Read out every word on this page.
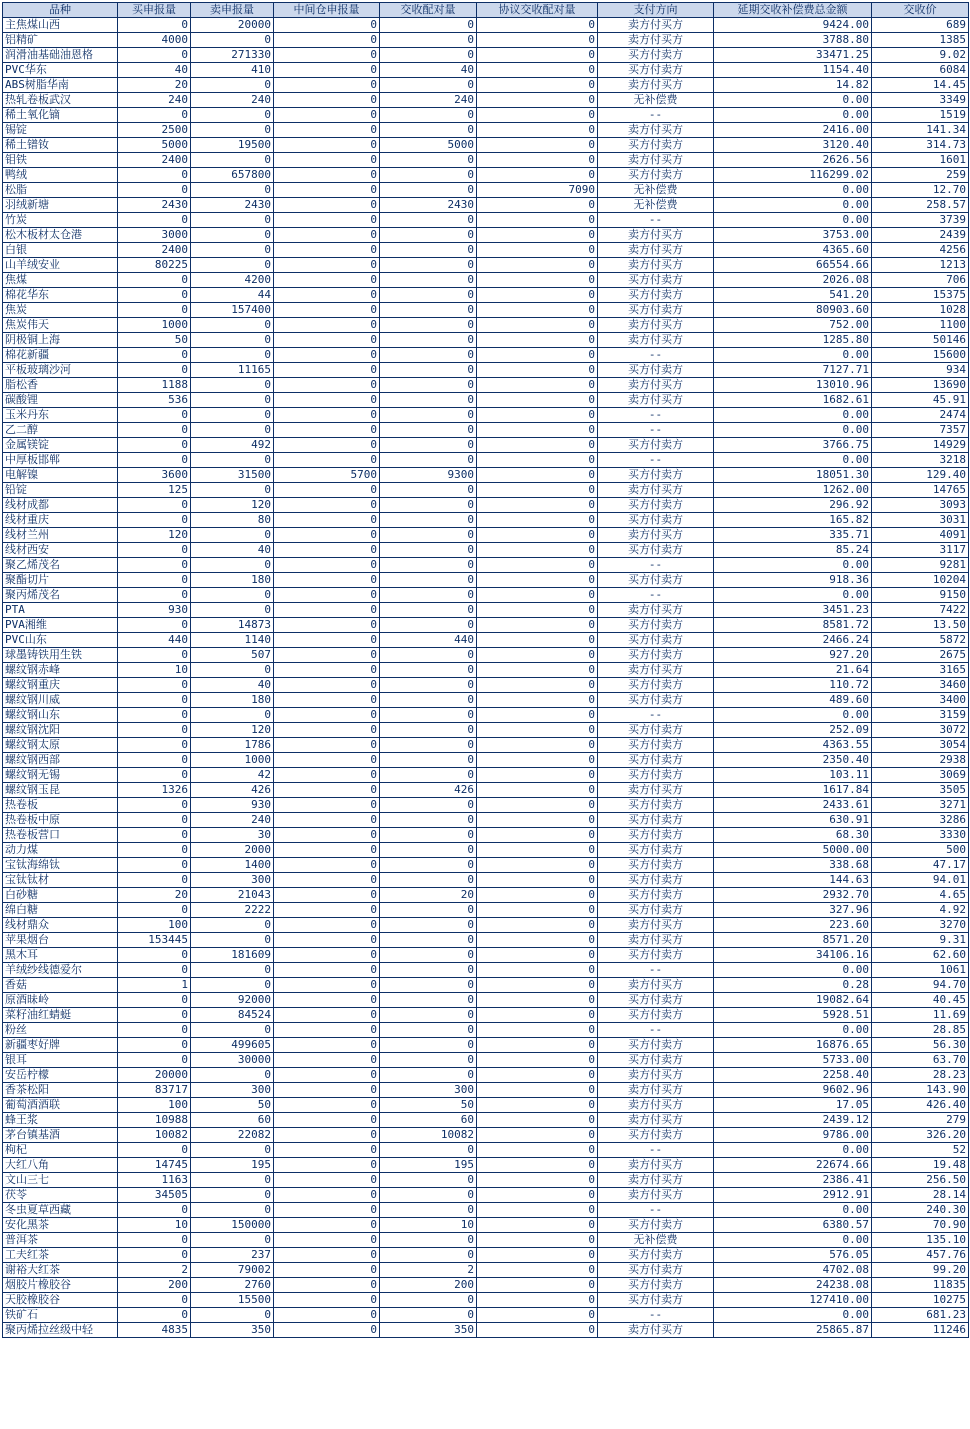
品种	买申报量	卖申报量	中间仓申报量	交收配对量	协议交收配对量	支付方向	延期交收补偿费总金额	交收价
主焦煤山西	0	20000	0	0	0	卖方付买方	9424.00	689
铝精矿	4000	0	0	0	0	卖方付买方	3788.80	1385
润滑油基础油恩格	0	271330	0	0	0	买方付卖方	33471.25	9.02
PVC华东	40	410	0	40	0	买方付卖方	1154.40	6084
ABS树脂华南	20	0	0	0	0	卖方付买方	14.82	14.45
热轧卷板武汉	240	240	0	240	0	无补偿费	0.00	3349
稀土氧化镝	0	0	0	0	0	--	0.00	1519
锡锭	2500	0	0	0	0	卖方付买方	2416.00	141.34
稀土镨钕	5000	19500	0	5000	0	买方付卖方	3120.40	314.73
钼铁	2400	0	0	0	0	卖方付买方	2626.56	1601
鸭绒	0	657800	0	0	0	买方付卖方	116299.02	259
松脂	0	0	0	0	7090	无补偿费	0.00	12.70
羽绒新塘	2430	2430	0	2430	0	无补偿费	0.00	258.57
竹炭	0	0	0	0	0	--	0.00	3739
松木板材太仓港	3000	0	0	0	0	卖方付买方	3753.00	2439
白银	2400	0	0	0	0	卖方付买方	4365.60	4256
山羊绒安业	80225	0	0	0	0	卖方付买方	66554.66	1213
焦煤	0	4200	0	0	0	买方付卖方	2026.08	706
棉花华东	0	44	0	0	0	买方付卖方	541.20	15375
焦炭	0	157400	0	0	0	买方付卖方	80903.60	1028
焦炭伟天	1000	0	0	0	0	卖方付买方	752.00	1100
阴极铜上海	50	0	0	0	0	卖方付买方	1285.80	50146
棉花新疆	0	0	0	0	0	--	0.00	15600
平板玻璃沙河	0	11165	0	0	0	买方付卖方	7127.71	934
脂松香	1188	0	0	0	0	卖方付买方	13010.96	13690
碳酸锂	536	0	0	0	0	卖方付买方	1682.61	45.91
玉米丹东	0	0	0	0	0	--	0.00	2474
乙二醇	0	0	0	0	0	--	0.00	7357
金属镁锭	0	492	0	0	0	买方付卖方	3766.75	14929
中厚板邯郸	0	0	0	0	0	--	0.00	3218
电解镍	3600	31500	5700	9300	0	买方付卖方	18051.30	129.40
铅锭	125	0	0	0	0	卖方付买方	1262.00	14765
线材成都	0	120	0	0	0	买方付卖方	296.92	3093
线材重庆	0	80	0	0	0	买方付卖方	165.82	3031
线材兰州	120	0	0	0	0	卖方付买方	335.71	4091
线材西安	0	40	0	0	0	买方付卖方	85.24	3117
聚乙烯茂名	0	0	0	0	0	--	0.00	9281
聚酯切片	0	180	0	0	0	买方付卖方	918.36	10204
聚丙烯茂名	0	0	0	0	0	--	0.00	9150
PTA	930	0	0	0	0	卖方付买方	3451.23	7422
PVA湘维	0	14873	0	0	0	买方付卖方	8581.72	13.50
PVC山东	440	1140	0	440	0	买方付卖方	2466.24	5872
球墨铸铁用生铁	0	507	0	0	0	买方付卖方	927.20	2675
螺纹钢赤峰	10	0	0	0	0	卖方付买方	21.64	3165
螺纹钢重庆	0	40	0	0	0	买方付卖方	110.72	3460
螺纹钢川威	0	180	0	0	0	买方付卖方	489.60	3400
螺纹钢山东	0	0	0	0	0	--	0.00	3159
螺纹钢沈阳	0	120	0	0	0	买方付卖方	252.09	3072
螺纹钢太原	0	1786	0	0	0	买方付卖方	4363.55	3054
螺纹钢西部	0	1000	0	0	0	买方付卖方	2350.40	2938
螺纹钢无锡	0	42	0	0	0	买方付卖方	103.11	3069
螺纹钢玉昆	1326	426	0	426	0	卖方付买方	1617.84	3505
热卷板	0	930	0	0	0	买方付卖方	2433.61	3271
热卷板中原	0	240	0	0	0	买方付卖方	630.91	3286
热卷板营口	0	30	0	0	0	买方付卖方	68.30	3330
动力煤	0	2000	0	0	0	买方付卖方	5000.00	500
宝钛海绵钛	0	1400	0	0	0	买方付卖方	338.68	47.17
宝钛钛材	0	300	0	0	0	买方付卖方	144.63	94.01
白砂糖	20	21043	0	20	0	买方付卖方	2932.70	4.65
绵白糖	0	2222	0	0	0	买方付卖方	327.96	4.92
线材鼎众	100	0	0	0	0	卖方付买方	223.60	3270
苹果烟台	153445	0	0	0	0	卖方付买方	8571.20	9.31
黑木耳	0	181609	0	0	0	买方付卖方	34106.16	62.60
羊绒纱线德爱尔	0	0	0	0	0	--	0.00	1061
香菇	1	0	0	0	0	卖方付买方	0.28	94.70
原酒昧岭	0	92000	0	0	0	买方付卖方	19082.64	40.45
菜籽油红蜻蜓	0	84524	0	0	0	买方付卖方	5928.51	11.69
粉丝	0	0	0	0	0	--	0.00	28.85
新疆枣好牌	0	499605	0	0	0	买方付卖方	16876.65	56.30
银耳	0	30000	0	0	0	买方付卖方	5733.00	63.70
安岳柠檬	20000	0	0	0	0	卖方付买方	2258.40	28.23
香茶松阳	83717	300	0	300	0	卖方付买方	9602.96	143.90
葡萄酒酒联	100	50	0	50	0	卖方付买方	17.05	426.40
蜂王浆	10988	60	0	60	0	卖方付买方	2439.12	279
茅台镇基酒	10082	22082	0	10082	0	买方付卖方	9786.00	326.20
枸杞	0	0	0	0	0	--	0.00	52
大红八角	14745	195	0	195	0	卖方付买方	22674.66	19.48
文山三七	1163	0	0	0	0	卖方付买方	2386.41	256.50
茯苓	34505	0	0	0	0	卖方付买方	2912.91	28.14
冬虫夏草西藏	0	0	0	0	0	--	0.00	240.30
安化黑茶	10	150000	0	10	0	买方付卖方	6380.57	70.90
普洱茶	0	0	0	0	0	无补偿费	0.00	135.10
工夫红茶	0	237	0	0	0	买方付卖方	576.05	457.76
谢裕大红茶	2	79002	0	2	0	买方付卖方	4702.08	99.20
烟胶片橡胶谷	200	2760	0	200	0	买方付卖方	24238.08	11835
天胶橡胶谷	0	15500	0	0	0	买方付卖方	127410.00	10275
铁矿石	0	0	0	0	0	--	0.00	681.23
聚丙烯拉丝级中轻	4835	350	0	350	0	卖方付买方	25865.87	11246
